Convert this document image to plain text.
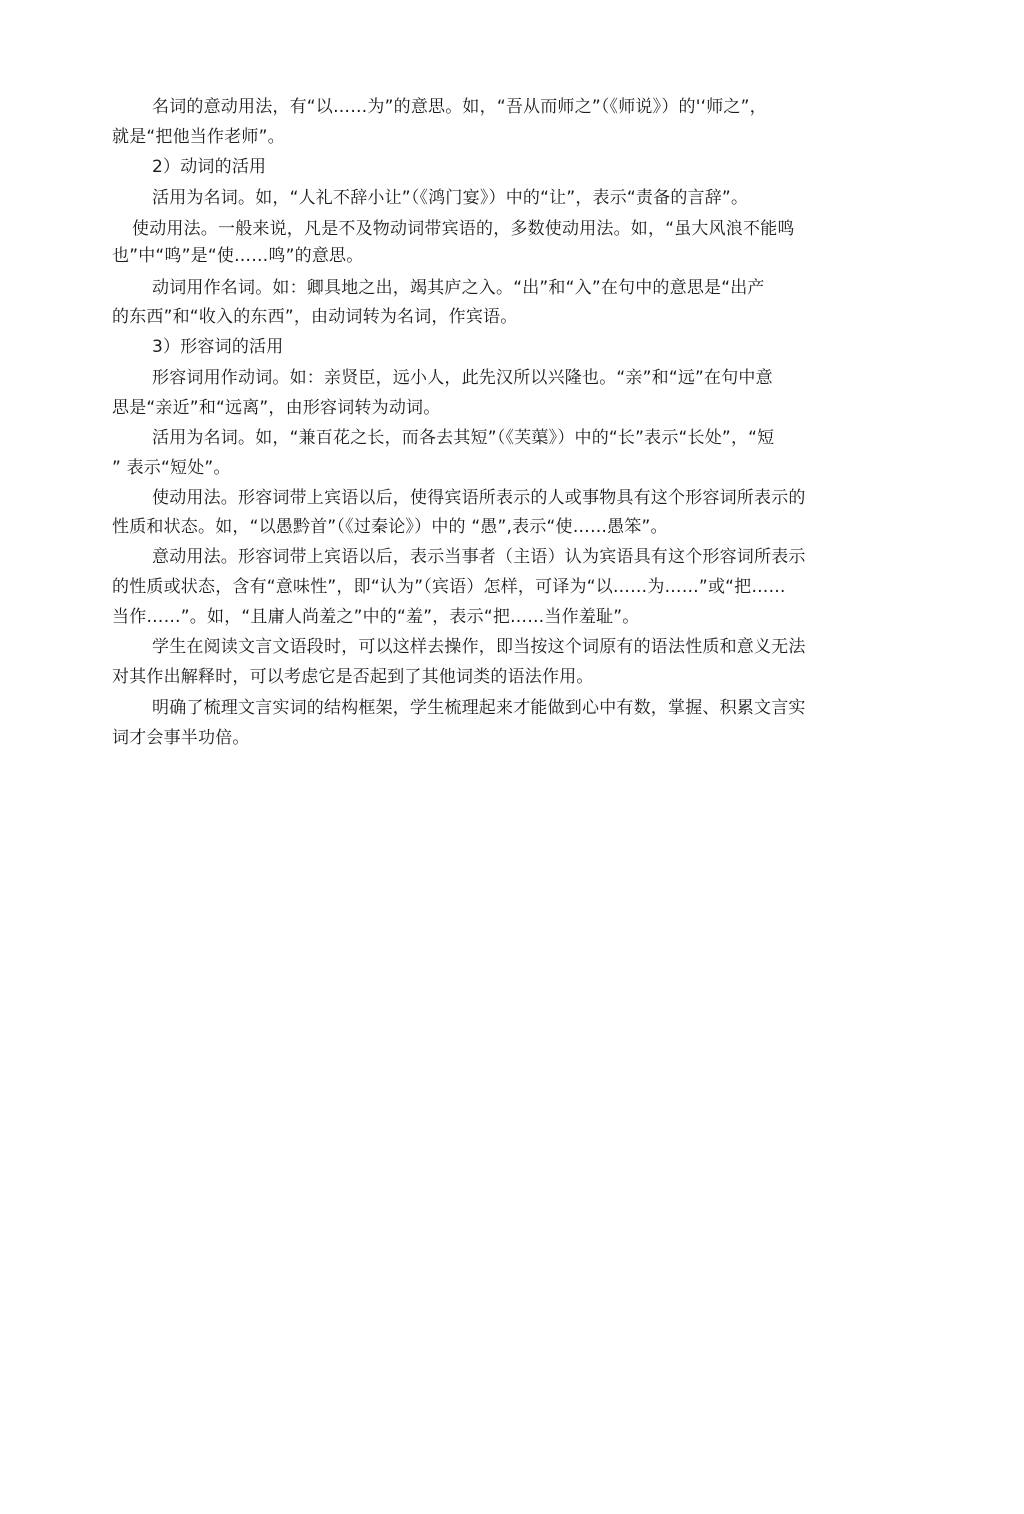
名词的意动用法，有“以……为”的意思。如，“吾从而师之”（《师说》）的'‘师之”，
就是“把他当作老师”。
2）动词的活用
活用为名词。如，“人礼不辞小让”（《鸿门宴》）中的“让”，表示“责备的言辞”。
使动用法。一般来说，凡是不及物动词带宾语的，多数使动用法。如，“虽大风浪不能鸣
也”中“鸣”是“使……鸣”的意思。
动词用作名词。如：卿具地之出，竭其庐之入。“出”和“入”在句中的意思是“出产
的东西”和“收入的东西”，由动词转为名词，作宾语。
3）形容词的活用
形容词用作动词。如：亲贤臣，远小人，此先汉所以兴隆也。“亲”和“远”在句中意
思是“亲近”和“远离”，由形容词转为动词。
活用为名词。如，“兼百花之长，而各去其短”（《芙蕖》）中的“长”表示“长处”，“短
” 表示“短处”。
使动用法。形容词带上宾语以后，使得宾语所表示的人或事物具有这个形容词所表示的
性质和状态。如，“以愚黔首”（《过秦论》）中的 “愚”,表示“使……愚笨”。
意动用法。形容词带上宾语以后，表示当事者（主语）认为宾语具有这个形容词所表示
的性质或状态，含有“意味性”，即“认为”（宾语）怎样，可译为“以……为……”或“把……
当作……”。如，“且庸人尚羞之”中的“羞”，表示“把……当作羞耻”。
学生在阅读文言文语段时，可以这样去操作，即当按这个词原有的语法性质和意义无法
对其作出解释时，可以考虑它是否起到了其他词类的语法作用。
明确了梳理文言实词的结构框架，学生梳理起来才能做到心中有数，掌握、积累文言实
词才会事半功倍。
